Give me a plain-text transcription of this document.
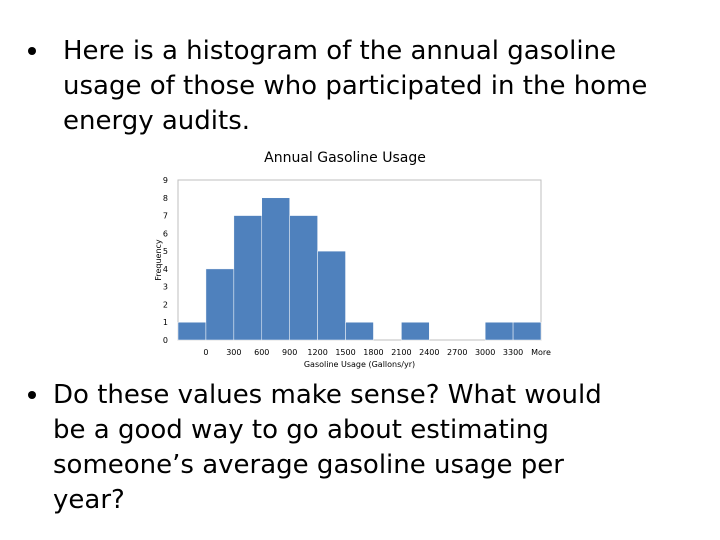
Here is a histogram of the annual gasoline
usage of those who participated in the home
energy audits.
Annual Gasoline Usage
0
1
2
3
4
5
6
7
8
9
0 300 600 900 1200 1500 1800 2100 2400 2700 3000 3300 More
Frequency
Gasoline Usage (Gallons/yr)
Do these values make sense? What would
be a good way to go about estimating
someone’s average gasoline usage per
year?
